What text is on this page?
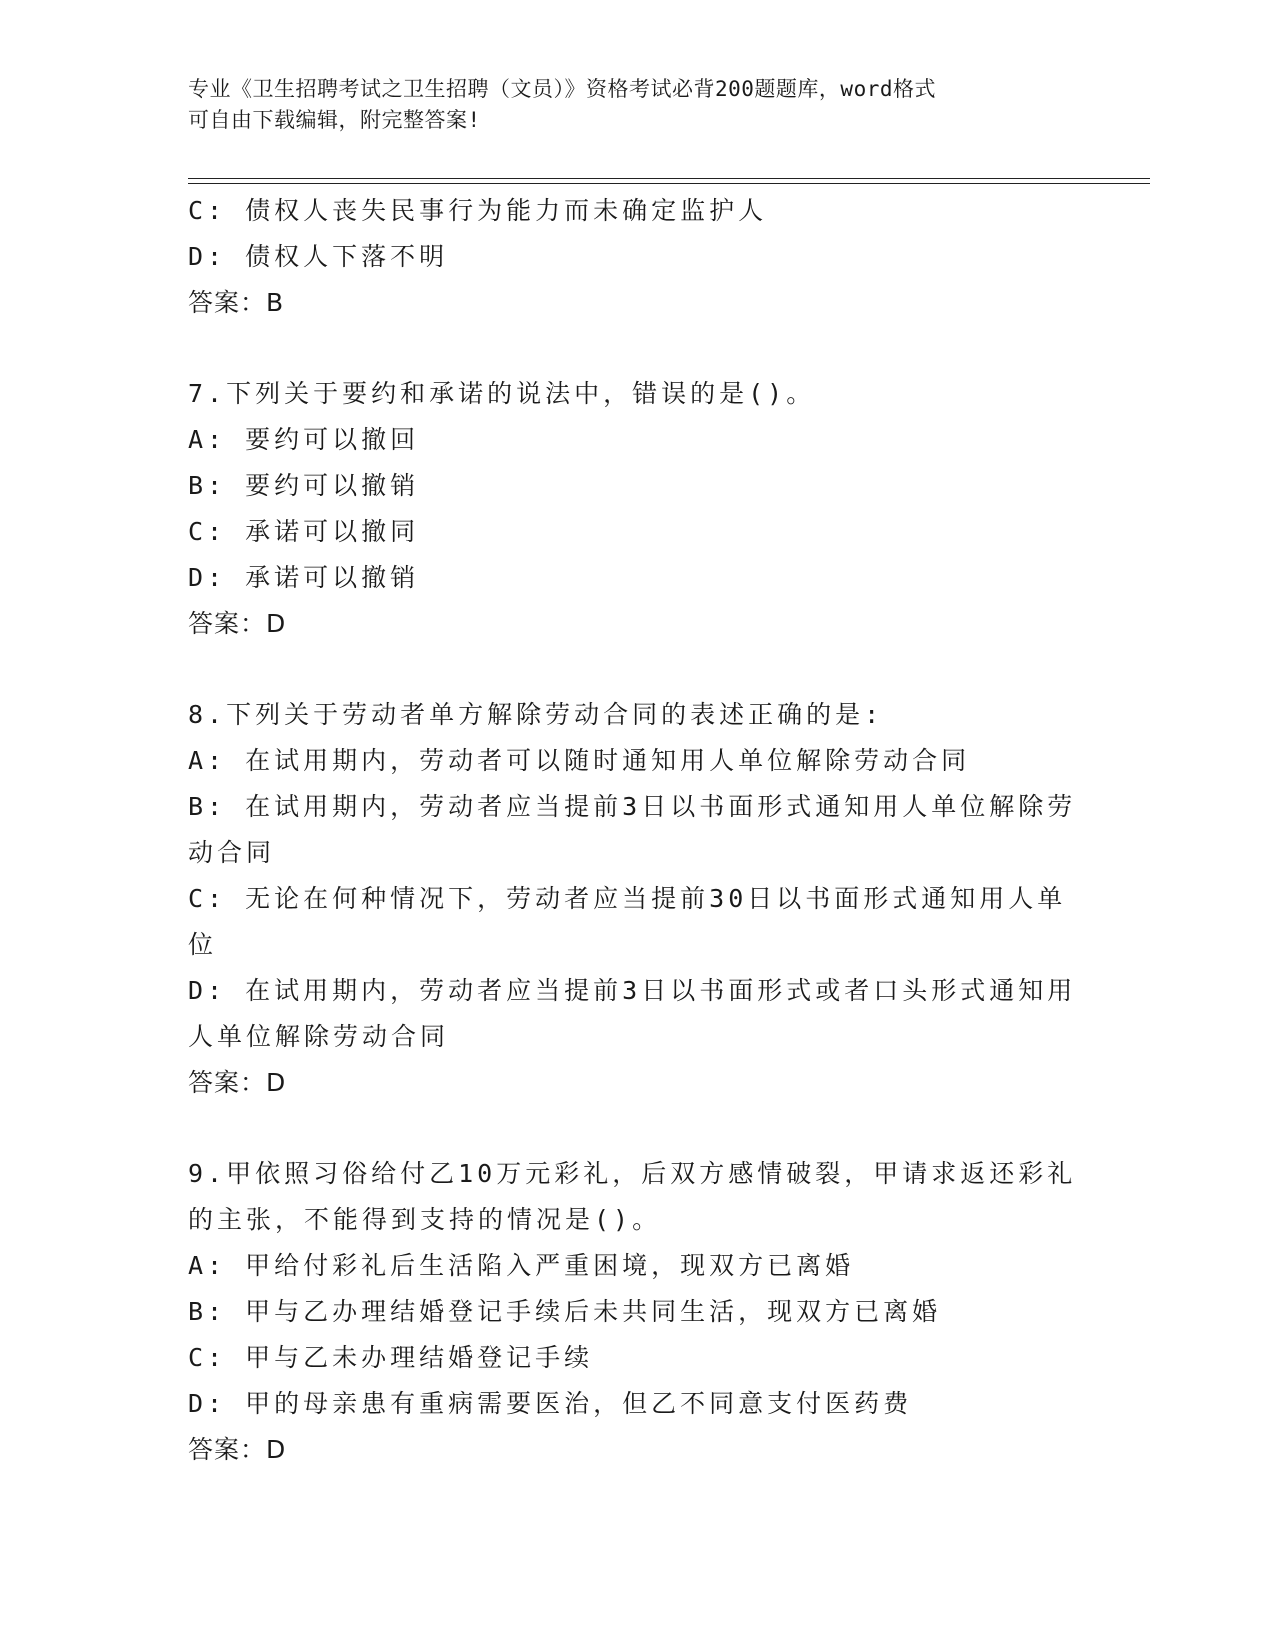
专业《卫生招聘考试之卫生招聘（文员）》资格考试必背200题题库，word格式
可自由下载编辑，附完整答案!
C: 债权人丧失民事行为能力而未确定监护人
D: 债权人下落不明
答案：B
7.下列关于要约和承诺的说法中，错误的是()。
A: 要约可以撤回
B: 要约可以撤销
C: 承诺可以撤同
D: 承诺可以撤销
答案：D
8.下列关于劳动者单方解除劳动合同的表述正确的是:
A: 在试用期内，劳动者可以随时通知用人单位解除劳动合同
B: 在试用期内，劳动者应当提前3日以书面形式通知用人单位解除劳
动合同
C: 无论在何种情况下，劳动者应当提前30日以书面形式通知用人单
位
D: 在试用期内，劳动者应当提前3日以书面形式或者口头形式通知用
人单位解除劳动合同
答案：D
9.甲依照习俗给付乙10万元彩礼，后双方感情破裂，甲请求返还彩礼
的主张，不能得到支持的情况是()。
A: 甲给付彩礼后生活陷入严重困境，现双方已离婚
B: 甲与乙办理结婚登记手续后未共同生活，现双方已离婚
C: 甲与乙未办理结婚登记手续
D: 甲的母亲患有重病需要医治，但乙不同意支付医药费
答案：D
